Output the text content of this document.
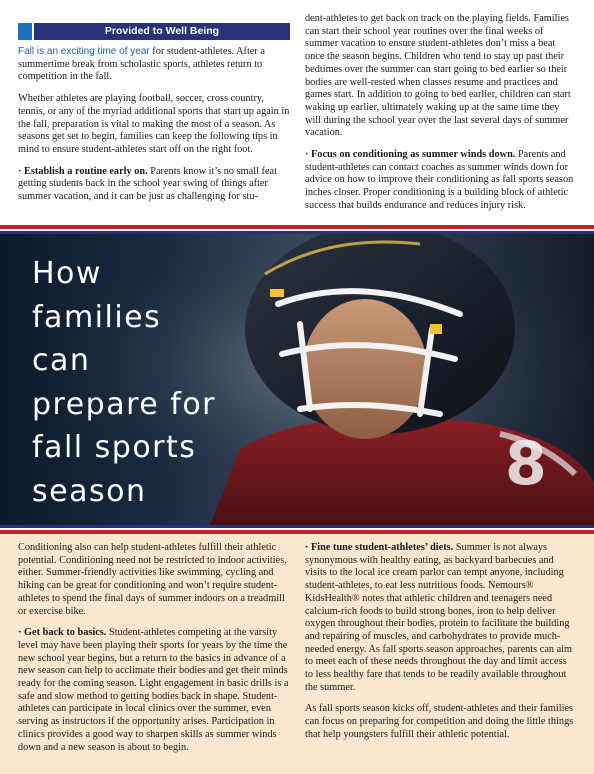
Provided to Well Being

Fall is an exciting time of year for student-athletes. After a summertime break from scholastic sports, athletes return to competition in the fall.

Whether athletes are playing football, soccer, cross country, tennis, or any of the myriad additional sports that start up again in the fall, preparation is vital to making the most of a season. As seasons get set to begin, families can keep the following tips in mind to ensure student-athletes start off on the right foot.

· Establish a routine early on. Parents know it’s no small feat getting students back in the school year swing of things after summer vacation, and it can be just as challenging for stu-

dent-athletes to get back on track on the playing fields. Families can start their school year routines over the final weeks of summer vacation to ensure student-athletes don’t miss a beat once the season begins. Children who tend to stay up past their bedtimes over the summer can start going to bed earlier so their bodies are well-rested when classes resume and practices and games start. In addition to going to bed earlier, children can start waking up earlier, ultimately waking up at the same time they will during the school year over the last several days of summer vacation.

· Focus on conditioning as summer winds down. Parents and student-athletes can contact coaches as summer winds down for advice on how to improve their conditioning as fall sports season inches closer. Proper conditioning is a building block of athletic success that builds endurance and reduces injury risk.

8
How
families
can
prepare for
fall sports
season

Conditioning also can help student-athletes fulfill their athletic potential. Conditioning need not be restricted to indoor activities, either. Summer-friendly activities like swimming, cycling and hiking can be great for conditioning and won’t require student-athletes to spend the final days of summer indoors on a treadmill or exercise bike.

· Get back to basics. Student-athletes competing at the varsity level may have been playing their sports for years by the time the new school year begins, but a return to the basics in advance of a new season can help to acclimate their bodies and get their minds ready for the coming season. Light engagement in basic drills is a safe and slow method to getting bodies back in shape. Student-athletes can participate in local clinics over the summer, even serving as instructors if the opportunity arises. Participation in clinics provides a good way to sharpen skills as summer winds down and a new season is about to begin.

· Fine tune student-athletes’ diets. Summer is not always synonymous with healthy eating, as backyard barbecues and visits to the local ice cream parlor can tempt anyone, including student-athletes, to eat less nutritious foods. Nemours® KidsHealth® notes that athletic children and teenagers need calcium-rich foods to build strong bones, iron to help deliver oxygen throughout their bodies, protein to facilitate the building and repairing of muscles, and carbohydrates to provide much-needed energy. As fall sports season approaches, parents can aim to meet each of these needs throughout the day and limit access to less healthy fare that tends to be readily available throughout the summer.

As fall sports season kicks off, student-athletes and their families can focus on preparing for competition and doing the little things that help youngsters fulfill their athletic potential.
